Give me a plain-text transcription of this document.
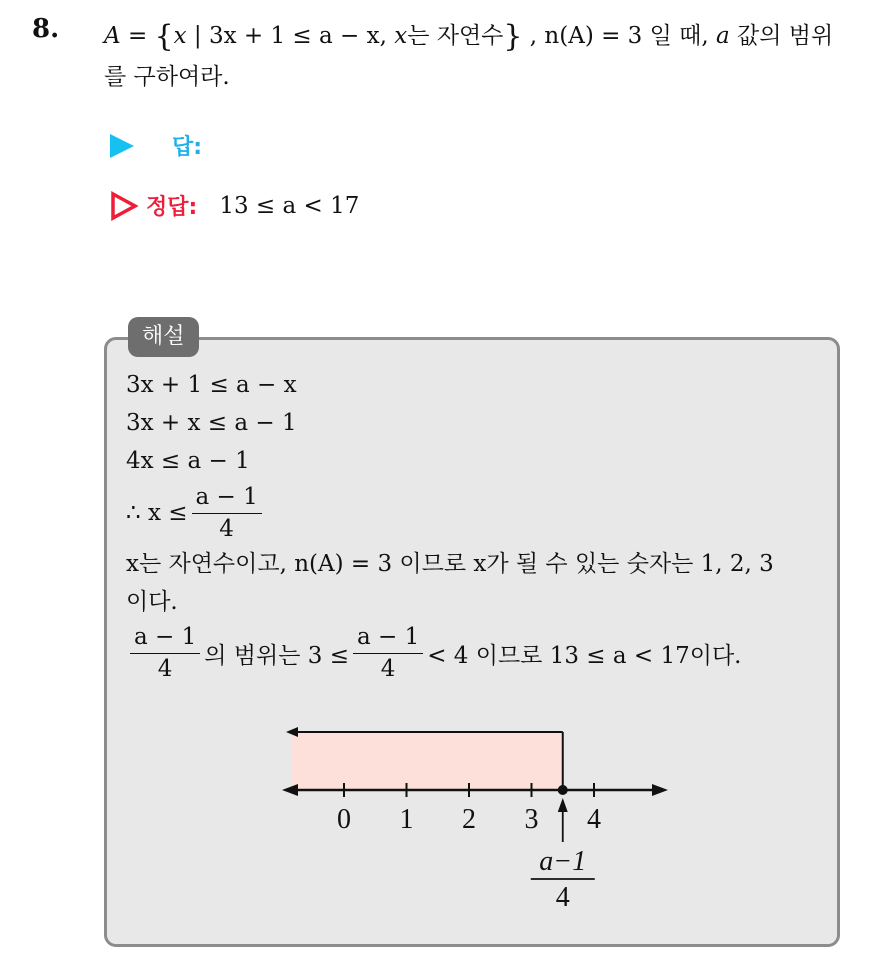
8. A = {x | 3x + 1 ≤ a − x, x는 자연수} , n(A) = 3 일 때, a 값의 범위
를 구하여라.
답:
정답: 13 ≤ a < 17
해설
3x + 1 ≤ a − x
3x + x ≤ a − 1
4x ≤ a − 1
∴ $x \le \frac{a - 1}{4}$
x는 자연수이고, n(A) = 3 이므로 x가 될 수 있는 숫자는 1, 2, 3
이다.
$\frac{a - 1}{4}$ 의 범위는 $3 \le \frac{a - 1}{4} < 4$ 이므로 13 ≤ a < 17이다.
0 1 2 3 4
a−1
4
